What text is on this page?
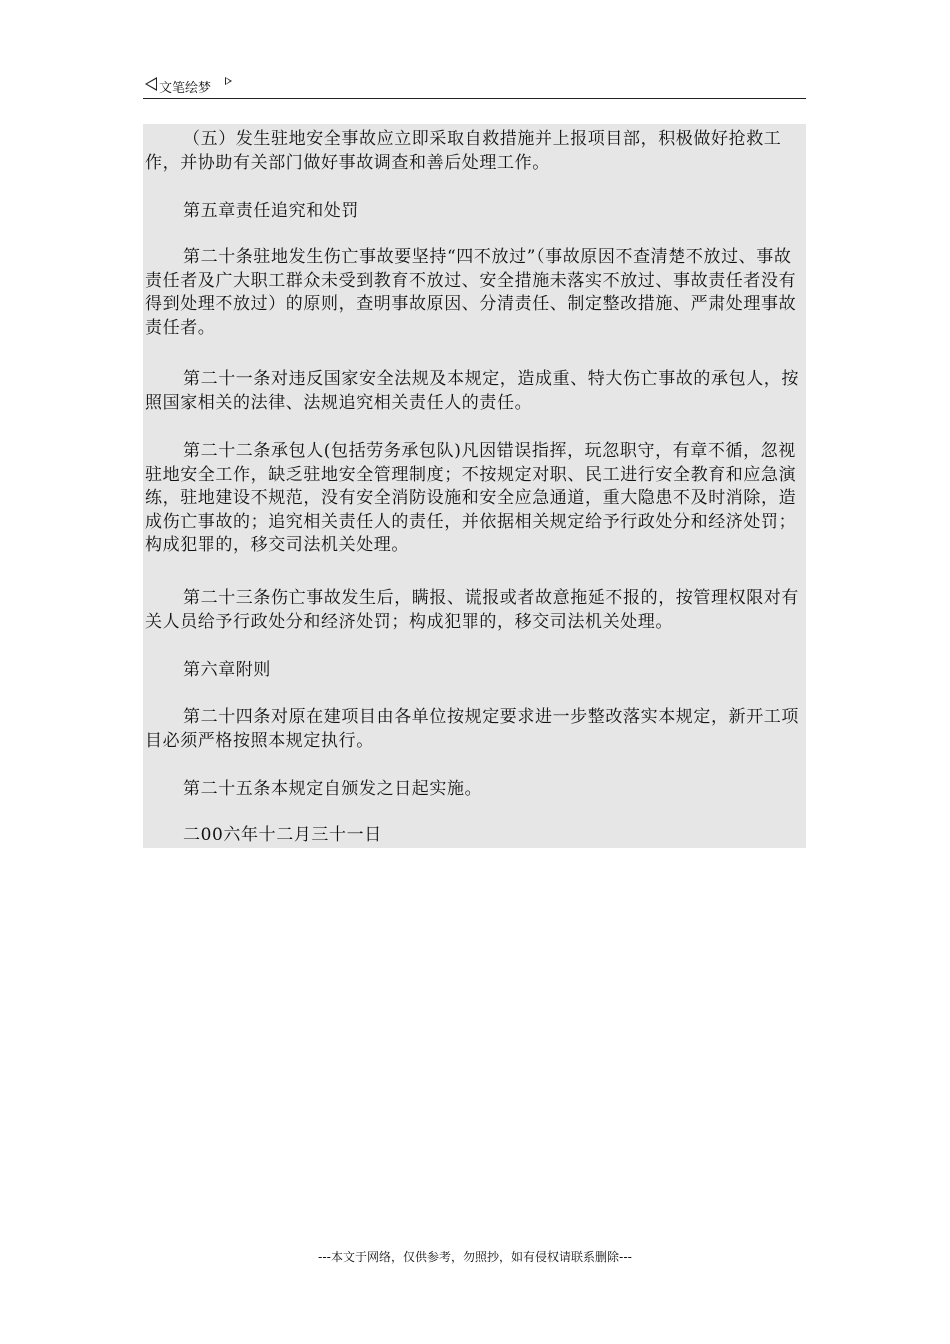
文笔绘梦

（五）发生驻地安全事故应立即采取自救措施并上报项目部，积极做好抢救工作，并协助有关部门做好事故调查和善后处理工作。

第五章责任追究和处罚

第二十条驻地发生伤亡事故要坚持“四不放过”（事故原因不查清楚不放过、事故责任者及广大职工群众未受到教育不放过、安全措施未落实不放过、事故责任者没有得到处理不放过）的原则，查明事故原因、分清责任、制定整改措施、严肃处理事故责任者。

第二十一条对违反国家安全法规及本规定，造成重、特大伤亡事故的承包人，按照国家相关的法律、法规追究相关责任人的责任。

第二十二条承包人(包括劳务承包队)凡因错误指挥，玩忽职守，有章不循，忽视驻地安全工作，缺乏驻地安全管理制度；不按规定对职、民工进行安全教育和应急演练，驻地建设不规范，没有安全消防设施和安全应急通道，重大隐患不及时消除，造成伤亡事故的；追究相关责任人的责任，并依据相关规定给予行政处分和经济处罚；构成犯罪的，移交司法机关处理。

第二十三条伤亡事故发生后，瞒报、谎报或者故意拖延不报的，按管理权限对有关人员给予行政处分和经济处罚；构成犯罪的，移交司法机关处理。

第六章附则

第二十四条对原在建项目由各单位按规定要求进一步整改落实本规定，新开工项目必须严格按照本规定执行。

第二十五条本规定自颁发之日起实施。

二00六年十二月三十一日

---本文于网络，仅供参考，勿照抄，如有侵权请联系删除---
